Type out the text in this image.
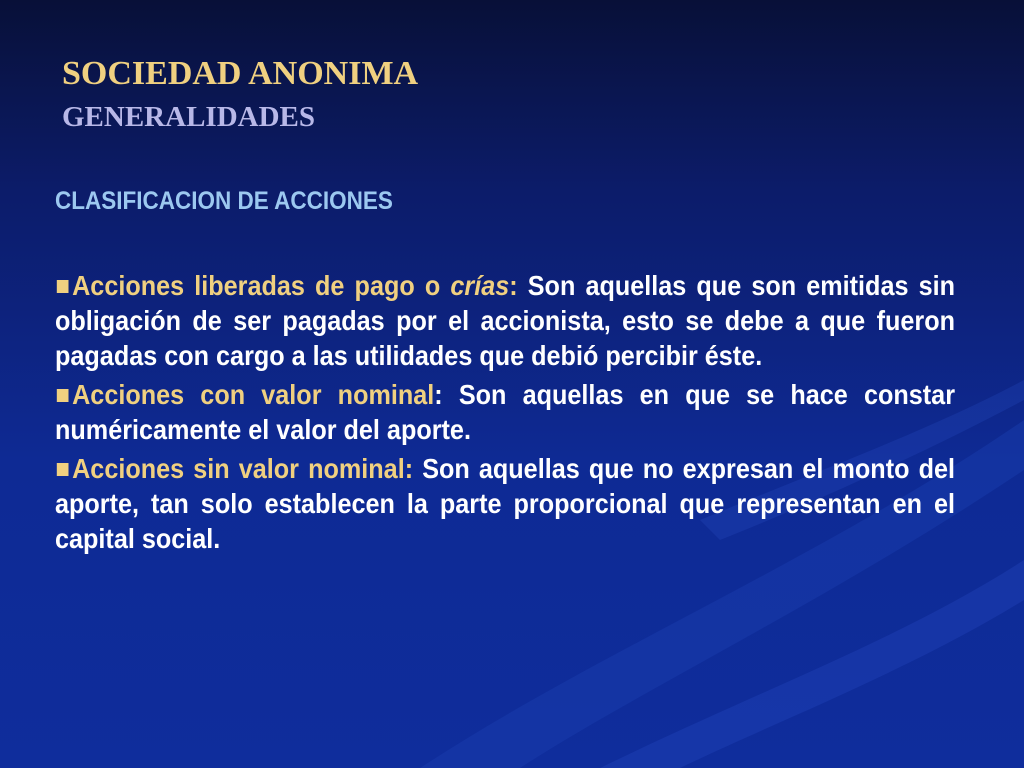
SOCIEDAD ANONIMA
GENERALIDADES
CLASIFICACION DE ACCIONES

Acciones liberadas de pago o crías: Son aquellas que son emitidas sin obligación de ser pagadas por el accionista, esto se debe a que fueron pagadas con cargo a las utilidades que debió percibir éste.

Acciones con valor nominal: Son aquellas en que se hace constar numéricamente el valor del aporte.

Acciones sin valor nominal: Son aquellas que no expresan el monto del aporte, tan solo establecen la parte proporcional que representan en el capital social.
